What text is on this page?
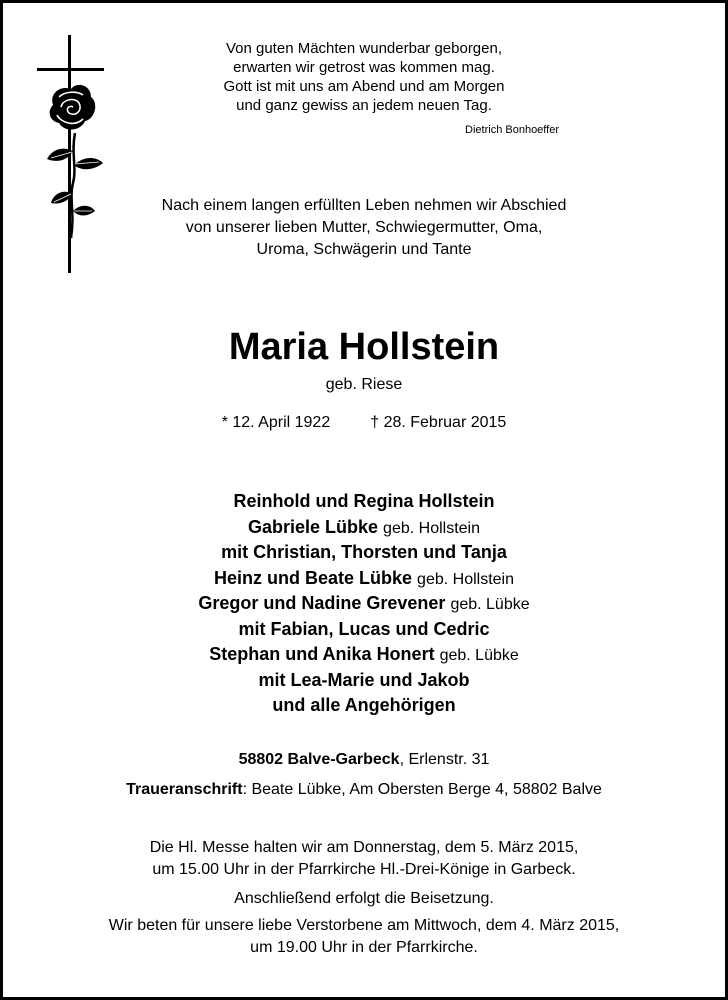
Von guten Mächten wunderbar geborgen,

erwarten wir getrost was kommen mag.

Gott ist mit uns am Abend und am Morgen

und ganz gewiss an jedem neuen Tag.

Dietrich Bonhoeffer

Nach einem langen erfüllten Leben nehmen wir Abschied

von unserer lieben Mutter, Schwiegermutter, Oma,

Uroma, Schwägerin und Tante

Maria Hollstein

geb. Riese

* 12. April 1922	† 28. Februar 2015

Reinhold und Regina Hollstein

Gabriele Lübke geb. Hollstein

mit Christian, Thorsten und Tanja

Heinz und Beate Lübke geb. Hollstein

Gregor und Nadine Grevener geb. Lübke

mit Fabian, Lucas und Cedric

Stephan und Anika Honert geb. Lübke

mit Lea-Marie und Jakob

und alle Angehörigen

58802 Balve-Garbeck, Erlenstr. 31

Traueranschrift: Beate Lübke, Am Obersten Berge 4, 58802 Balve

Die Hl. Messe halten wir am Donnerstag, dem 5. März 2015,

um 15.00 Uhr in der Pfarrkirche Hl.-Drei-Könige in Garbeck.

Anschließend erfolgt die Beisetzung.

Wir beten für unsere liebe Verstorbene am Mittwoch, dem 4. März 2015,

um 19.00 Uhr in der Pfarrkirche.
